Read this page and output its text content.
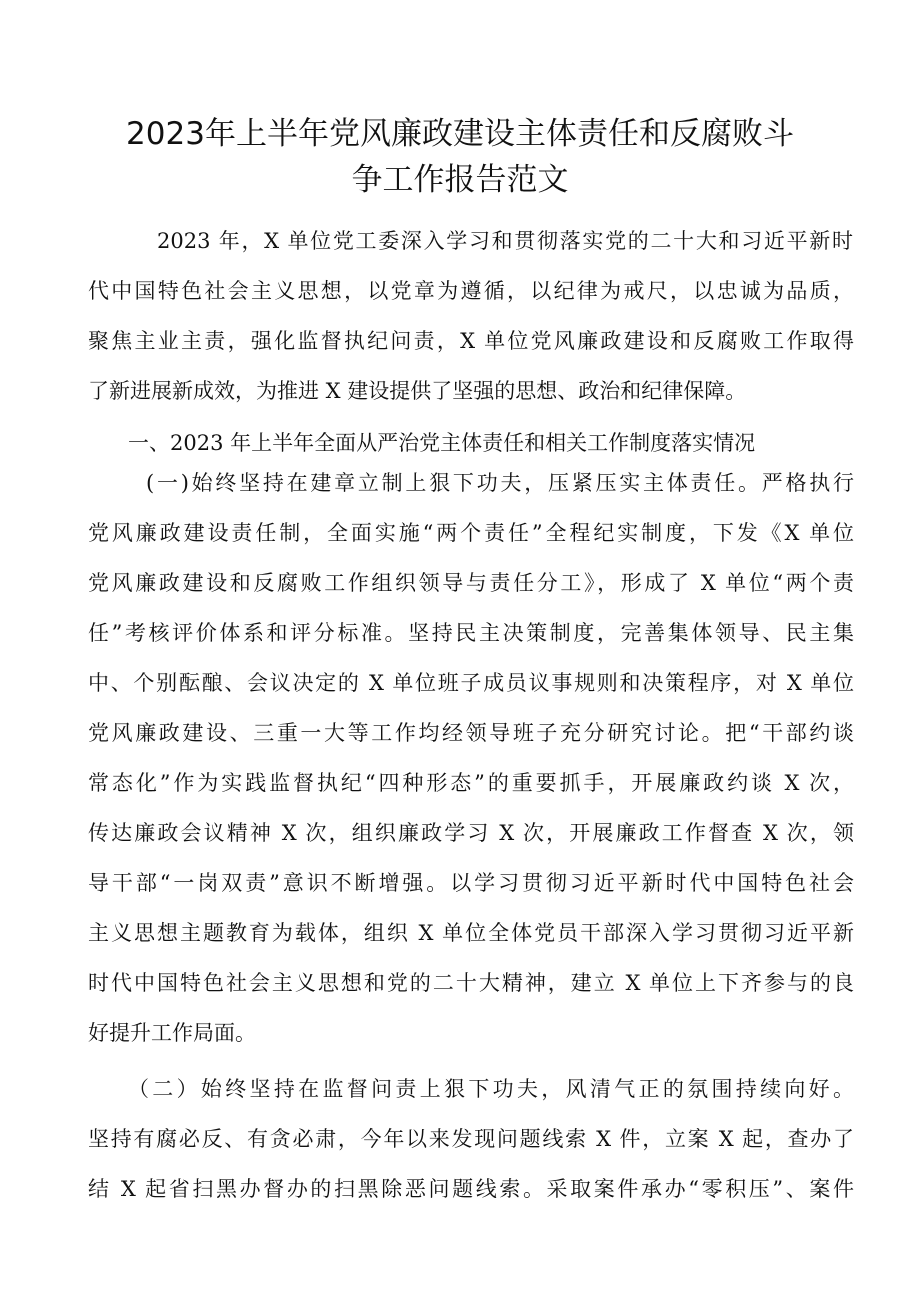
2023年上半年党风廉政建设主体责任和反腐败斗
争工作报告范文
2023 年，X 单位党工委深入学习和贯彻落实党的二十大和习近平新时
代中国特色社会主义思想，以党章为遵循，以纪律为戒尺，以忠诚为品质，
聚焦主业主责，强化监督执纪问责，X 单位党风廉政建设和反腐败工作取得
了新进展新成效，为推进 X 建设提供了坚强的思想、政治和纪律保障。
一、2023 年上半年全面从严治党主体责任和相关工作制度落实情况
(一)始终坚持在建章立制上狠下功夫，压紧压实主体责任。严格执行
党风廉政建设责任制，全面实施“两个责任”全程纪实制度，下发《X 单位
党风廉政建设和反腐败工作组织领导与责任分工》，形成了 X 单位“两个责
任”考核评价体系和评分标准。坚持民主决策制度，完善集体领导、民主集
中、个别酝酿、会议决定的 X 单位班子成员议事规则和决策程序，对 X 单位
党风廉政建设、三重一大等工作均经领导班子充分研究讨论。把“干部约谈
常态化”作为实践监督执纪“四种形态”的重要抓手，开展廉政约谈 X 次，
传达廉政会议精神 X 次，组织廉政学习 X 次，开展廉政工作督查 X 次，领
导干部“一岗双责”意识不断增强。以学习贯彻习近平新时代中国特色社会
主义思想主题教育为载体，组织 X 单位全体党员干部深入学习贯彻习近平新
时代中国特色社会主义思想和党的二十大精神，建立 X 单位上下齐参与的良
好提升工作局面。
（二）始终坚持在监督问责上狠下功夫，风清气正的氛围持续向好。
坚持有腐必反、有贪必肃，今年以来发现问题线索 X 件，立案 X 起，查办了
结 X 起省扫黑办督办的扫黑除恶问题线索。采取案件承办“零积压”、案件
